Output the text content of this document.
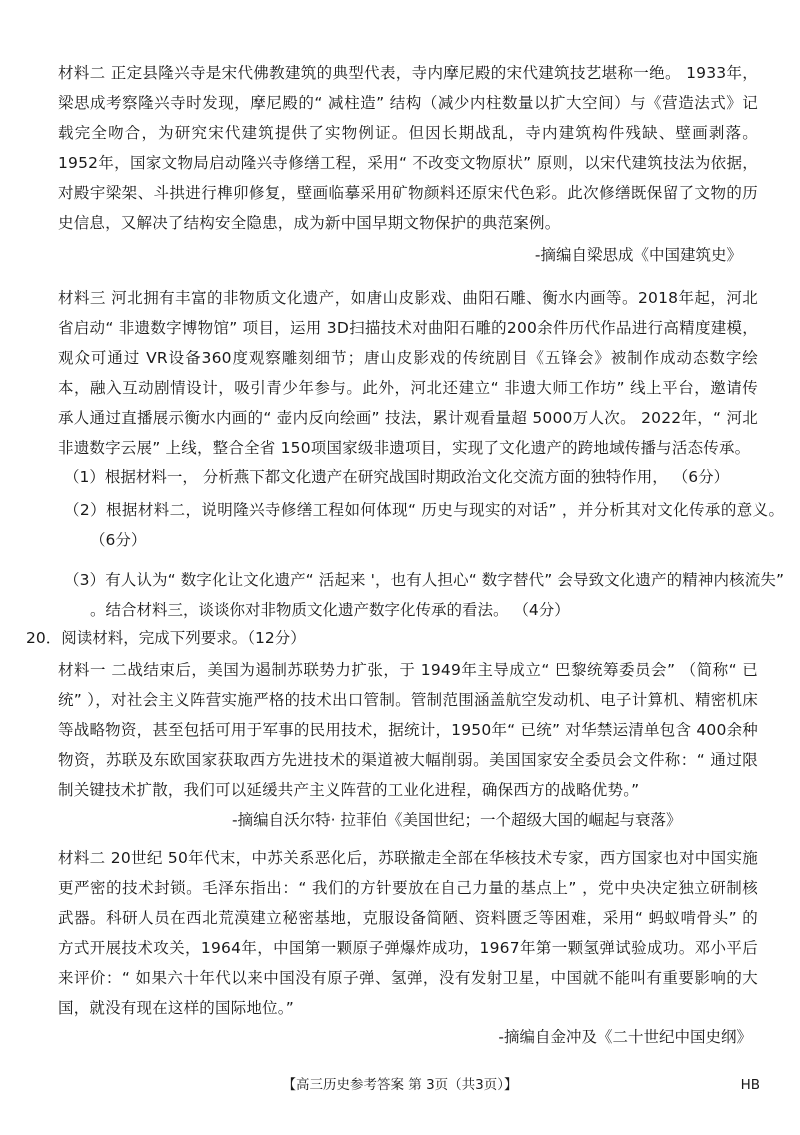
材料二 正定县隆兴寺是宋代佛教建筑的典型代表，寺内摩尼殿的宋代建筑技艺堪称一绝。 1933年，梁思成考察隆兴寺时发现，摩尼殿的“ 减柱造” 结构（减少内柱数量以扩大空间）与《营造法式》记载完全吻合，为研究宋代建筑提供了实物例证。但因长期战乱，寺内建筑构件残缺、壁画剥落。 1952年，国家文物局启动隆兴寺修缮工程，采用“ 不改变文物原状” 原则，以宋代建筑技法为依据，对殿宇梁架、斗拱进行榫卯修复，壁画临摹采用矿物颜料还原宋代色彩。此次修缮既保留了文物的历史信息，又解决了结构安全隐患，成为新中国早期文物保护的典范案例。

-摘编自梁思成《中国建筑史》

材料三 河北拥有丰富的非物质文化遗产，如唐山皮影戏、曲阳石雕、衡水内画等。2018年起，河北省启动“ 非遗数字博物馆” 项目，运用 3D扫描技术对曲阳石雕的200余件历代作品进行高精度建模，观众可通过 VR设备360度观察雕刻细节；唐山皮影戏的传统剧目《五锋会》被制作成动态数字绘本，融入互动剧情设计，吸引青少年参与。此外，河北还建立“ 非遗大师工作坊” 线上平台，邀请传承人通过直播展示衡水内画的“ 壶内反向绘画” 技法，累计观看量超 5000万人次。 2022年，“ 河北非遗数字云展” 上线，整合全省 150项国家级非遗项目，实现了文化遗产的跨地域传播与活态传承。

（1）根据材料一， 分析燕下都文化遗产在研究战国时期政治文化交流方面的独特作用， （6分）

（2）根据材料二，说明隆兴寺修缮工程如何体现“ 历史与现实的对话” ，并分析其对文化传承的意义。 （6分）

（3）有人认为“ 数字化让文化遗产“ 活起来 '，也有人担心“ 数字替代” 会导致文化遗产的精神内核流失” 。结合材料三，谈谈你对非物质文化遗产数字化传承的看法。 （4分）

20．阅读材料，完成下列要求。（12分）

材料一 二战结束后，美国为遏制苏联势力扩张，于 1949年主导成立“ 巴黎统筹委员会” （简称“ 已统” ），对社会主义阵营实施严格的技术出口管制。管制范围涵盖航空发动机、电子计算机、精密机床等战略物资，甚至包括可用于军事的民用技术，据统计，1950年“ 已统” 对华禁运清单包含 400余种物资，苏联及东欧国家获取西方先进技术的渠道被大幅削弱。美国国家安全委员会文件称：“ 通过限制关键技术扩散，我们可以延缓共产主义阵营的工业化进程，确保西方的战略优势。”

-摘编自沃尔特· 拉菲伯《美国世纪；一个超级大国的崛起与衰落》

材料二 20世纪 50年代末，中苏关系恶化后，苏联撤走全部在华核技术专家，西方国家也对中国实施更严密的技术封锁。毛泽东指出：“ 我们的方针要放在自己力量的基点上” ，党中央决定独立研制核武器。科研人员在西北荒漠建立秘密基地，克服设备简陋、资料匮乏等困难，采用“ 蚂蚁啃骨头” 的方式开展技术攻关，1964年，中国第一颗原子弹爆炸成功，1967年第一颗氢弹试验成功。邓小平后来评价：“ 如果六十年代以来中国没有原子弹、氢弹，没有发射卫星，中国就不能叫有重要影响的大国，就没有现在这样的国际地位。”

-摘编自金冲及《二十世纪中国史纲》

【高三历史参考答案 第 3页（共3页）】	HB
